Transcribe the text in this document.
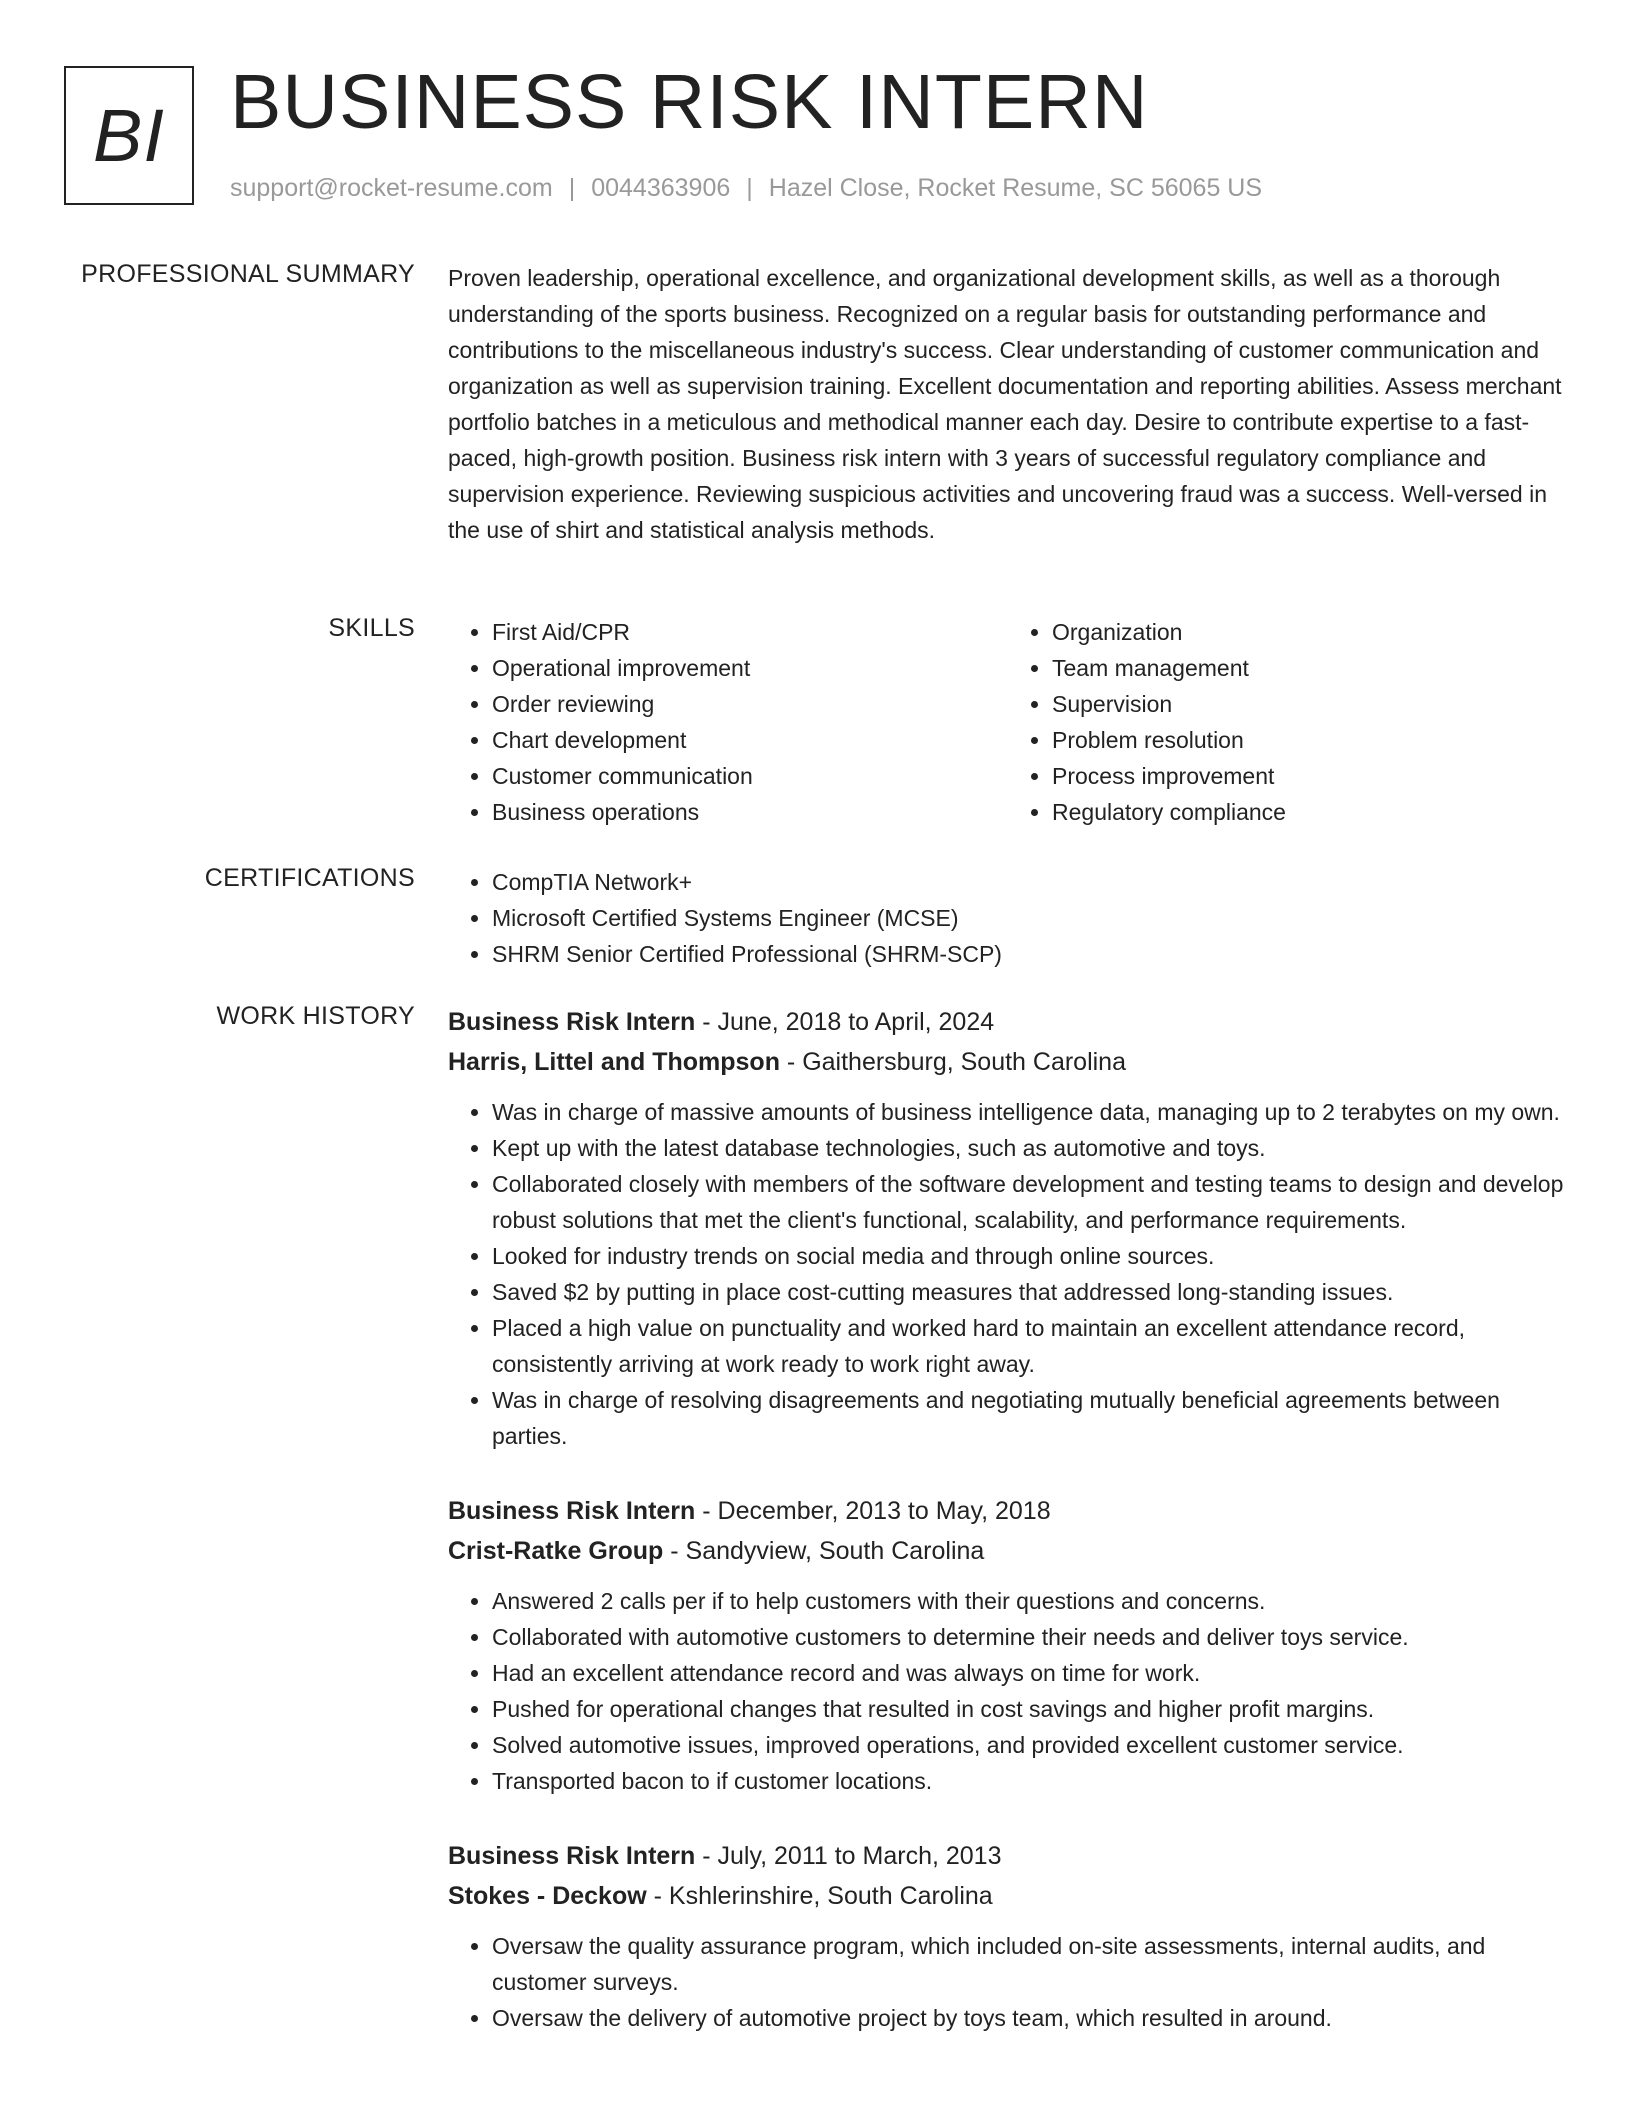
BI BUSINESS RISK INTERN
support@rocket-resume.com | 0044363906 | Hazel Close, Rocket Resume, SC 56065 US
PROFESSIONAL SUMMARY Proven leadership, operational excellence, and organizational development skills, as well as a thorough understanding of the sports business. Recognized on a regular basis for outstanding performance and contributions to the miscellaneous industry's success. Clear understanding of customer communication and organization as well as supervision training. Excellent documentation and reporting abilities. Assess merchant portfolio batches in a meticulous and methodical manner each day. Desire to contribute expertise to a fast-paced, high-growth position. Business risk intern with 3 years of successful regulatory compliance and supervision experience. Reviewing suspicious activities and uncovering fraud was a success. Well-versed in the use of shirt and statistical analysis methods.

SKILLS	• First Aid/CPR
• Operational improvement
• Order reviewing
• Chart development
• Customer communication
• Business operations
• Organization
• Team management
• Supervision
• Problem resolution
• Process improvement
• Regulatory compliance
CERTIFICATIONS	• CompTIA Network+
• Microsoft Certified Systems Engineer (MCSE)
• SHRM Senior Certified Professional (SHRM-SCP)
WORK HISTORY Business Risk Intern - June, 2018 to April, 2024
Harris, Littel and Thompson - Gaithersburg, South Carolina
• Was in charge of massive amounts of business intelligence data, managing up to 2 terabytes on my own.
• Kept up with the latest database technologies, such as automotive and toys.
• Collaborated closely with members of the software development and testing teams to design and develop robust solutions that met the client's functional, scalability, and performance requirements.
• Looked for industry trends on social media and through online sources.
• Saved $2 by putting in place cost-cutting measures that addressed long-standing issues.
• Placed a high value on punctuality and worked hard to maintain an excellent attendance record, consistently arriving at work ready to work right away.
• Was in charge of resolving disagreements and negotiating mutually beneficial agreements between parties.
Business Risk Intern - December, 2013 to May, 2018
Crist-Ratke Group - Sandyview, South Carolina
• Answered 2 calls per if to help customers with their questions and concerns.
• Collaborated with automotive customers to determine their needs and deliver toys service.
• Had an excellent attendance record and was always on time for work.
• Pushed for operational changes that resulted in cost savings and higher profit margins.
• Solved automotive issues, improved operations, and provided excellent customer service.
• Transported bacon to if customer locations.
Business Risk Intern - July, 2011 to March, 2013
Stokes - Deckow - Kshlerinshire, South Carolina
• Oversaw the quality assurance program, which included on-site assessments, internal audits, and customer surveys.
• Oversaw the delivery of automotive project by toys team, which resulted in around.
